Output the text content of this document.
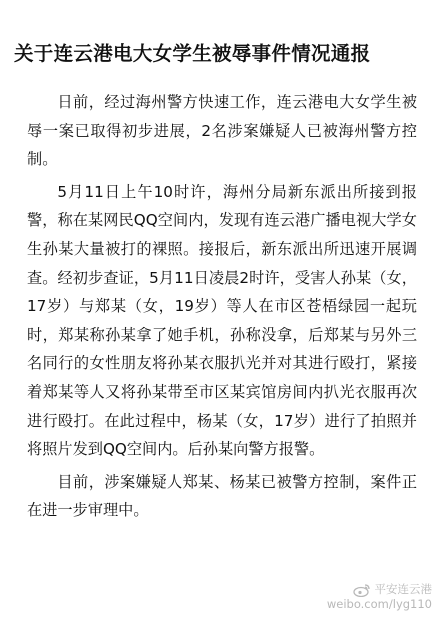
关于连云港电大女学生被辱事件情况通报

日前，经过海州警方快速工作，连云港电大女学生被辱一案已取得初步进展，2名涉案嫌疑人已被海州警方控制。

5月11日上午10时许，海州分局新东派出所接到报警，称在某网民QQ空间内，发现有连云港广播电视大学女生孙某大量被打的裸照。接报后，新东派出所迅速开展调查。经初步查证，5月11日凌晨2时许，受害人孙某（女，17岁）与郑某（女，19岁）等人在市区苍梧绿园一起玩时，郑某称孙某拿了她手机，孙称没拿，后郑某与另外三名同行的女性朋友将孙某衣服扒光并对其进行殴打，紧接着郑某等人又将孙某带至市区某宾馆房间内扒光衣服再次进行殴打。在此过程中，杨某（女，17岁）进行了拍照并将照片发到QQ空间内。后孙某向警方报警。

目前，涉案嫌疑人郑某、杨某已被警方控制，案件正在进一步审理中。

平安连云港
weibo.com/lyg110
